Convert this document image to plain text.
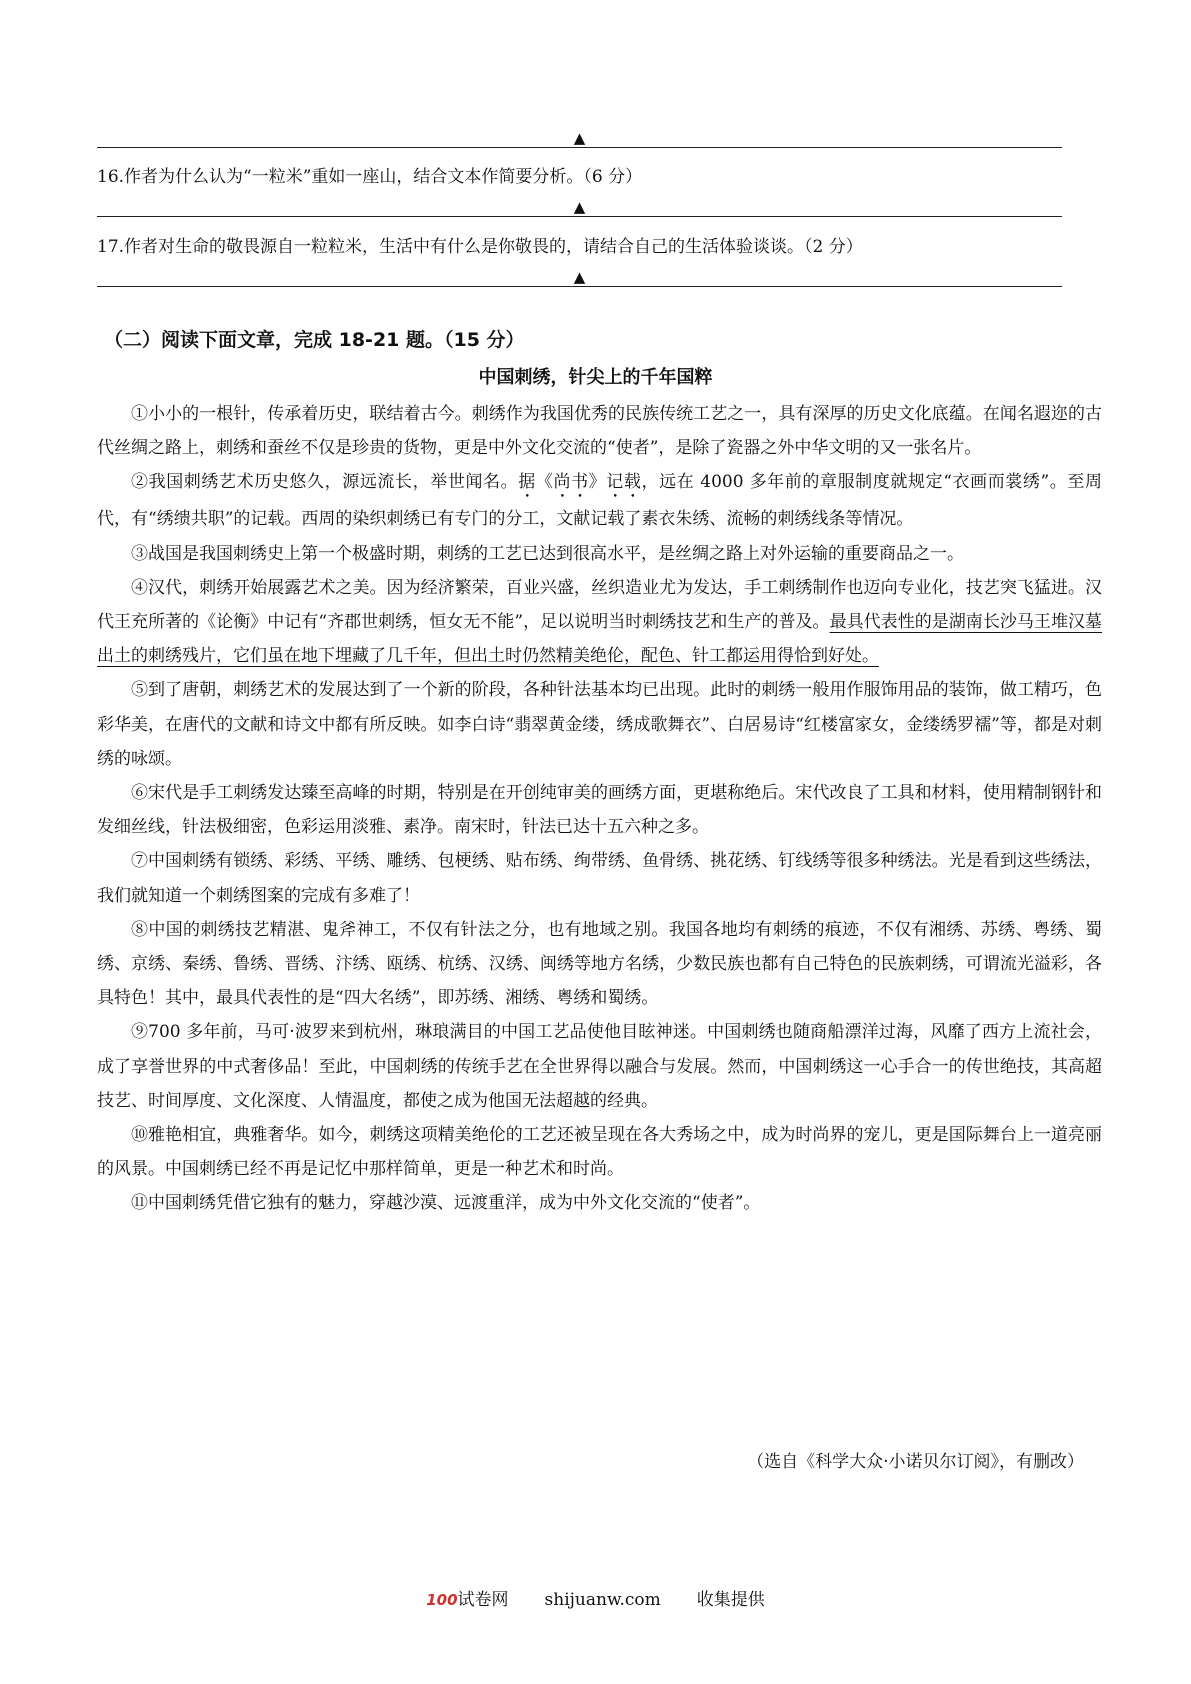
▲
16.作者为什么认为“一粒米”重如一座山，结合文本作简要分析。（6 分）
▲
17.作者对生命的敬畏源自一粒粒米，生活中有什么是你敬畏的，请结合自己的生活体验谈谈。（2 分）
▲
（二）阅读下面文章，完成 18-21 题。（15 分）
中国刺绣，针尖上的千年国粹

①小小的一根针，传承着历史，联结着古今。刺绣作为我国优秀的民族传统工艺之一，具有深厚的历史文化底蕴。在闻名遐迩的古代丝绸之路上，刺绣和蚕丝不仅是珍贵的货物，更是中外文化交流的“使者”，是除了瓷器之外中华文明的又一张名片。

②我国刺绣艺术历史悠久，源远流长，举世闻名。据《尚书》记载，远在 4000 多年前的章服制度就规定“衣画而裳绣”。至周代，有“绣缋共职”的记载。西周的染织刺绣已有专门的分工，文献记载了素衣朱绣、流畅的刺绣线条等情况。

③战国是我国刺绣史上第一个极盛时期，刺绣的工艺已达到很高水平，是丝绸之路上对外运输的重要商品之一。

④汉代，刺绣开始展露艺术之美。因为经济繁荣，百业兴盛，丝织造业尤为发达，手工刺绣制作也迈向专业化，技艺突飞猛进。汉代王充所著的《论衡》中记有“齐郡世刺绣，恒女无不能”，足以说明当时刺绣技艺和生产的普及。最具代表性的是湖南长沙马王堆汉墓出土的刺绣残片，它们虽在地下埋藏了几千年，但出土时仍然精美绝伦，配色、针工都运用得恰到好处。

⑤到了唐朝，刺绣艺术的发展达到了一个新的阶段，各种针法基本均已出现。此时的刺绣一般用作服饰用品的装饰，做工精巧，色彩华美，在唐代的文献和诗文中都有所反映。如李白诗“翡翠黄金缕，绣成歌舞衣”、白居易诗“红楼富家女，金缕绣罗襦”等，都是对刺绣的咏颂。

⑥宋代是手工刺绣发达臻至高峰的时期，特别是在开创纯审美的画绣方面，更堪称绝后。宋代改良了工具和材料，使用精制钢针和发细丝线，针法极细密，色彩运用淡雅、素净。南宋时，针法已达十五六种之多。

⑦中国刺绣有锁绣、彩绣、平绣、雕绣、包梗绣、贴布绣、绚带绣、鱼骨绣、挑花绣、钉线绣等很多种绣法。光是看到这些绣法，我们就知道一个刺绣图案的完成有多难了！

⑧中国的刺绣技艺精湛、鬼斧神工，不仅有针法之分，也有地域之别。我国各地均有刺绣的痕迹，不仅有湘绣、苏绣、粤绣、蜀绣、京绣、秦绣、鲁绣、晋绣、汴绣、瓯绣、杭绣、汉绣、闽绣等地方名绣，少数民族也都有自己特色的民族刺绣，可谓流光溢彩，各具特色！其中，最具代表性的是“四大名绣”，即苏绣、湘绣、粤绣和蜀绣。

⑨700 多年前，马可·波罗来到杭州，琳琅满目的中国工艺品使他目眩神迷。中国刺绣也随商船漂洋过海，风靡了西方上流社会，成了享誉世界的中式奢侈品！至此，中国刺绣的传统手艺在全世界得以融合与发展。然而，中国刺绣这一心手合一的传世绝技，其高超技艺、时间厚度、文化深度、人情温度，都使之成为他国无法超越的经典。

⑩雅艳相宜，典雅奢华。如今，刺绣这项精美绝伦的工艺还被呈现在各大秀场之中，成为时尚界的宠儿，更是国际舞台上一道亮丽的风景。中国刺绣已经不再是记忆中那样简单，更是一种艺术和时尚。

⑪中国刺绣凭借它独有的魅力，穿越沙漠、远渡重洋，成为中外文化交流的“使者”。

（选自《科学大众·小诺贝尔订阅》，有删改）
100试卷网 shijuanw.com 收集提供
